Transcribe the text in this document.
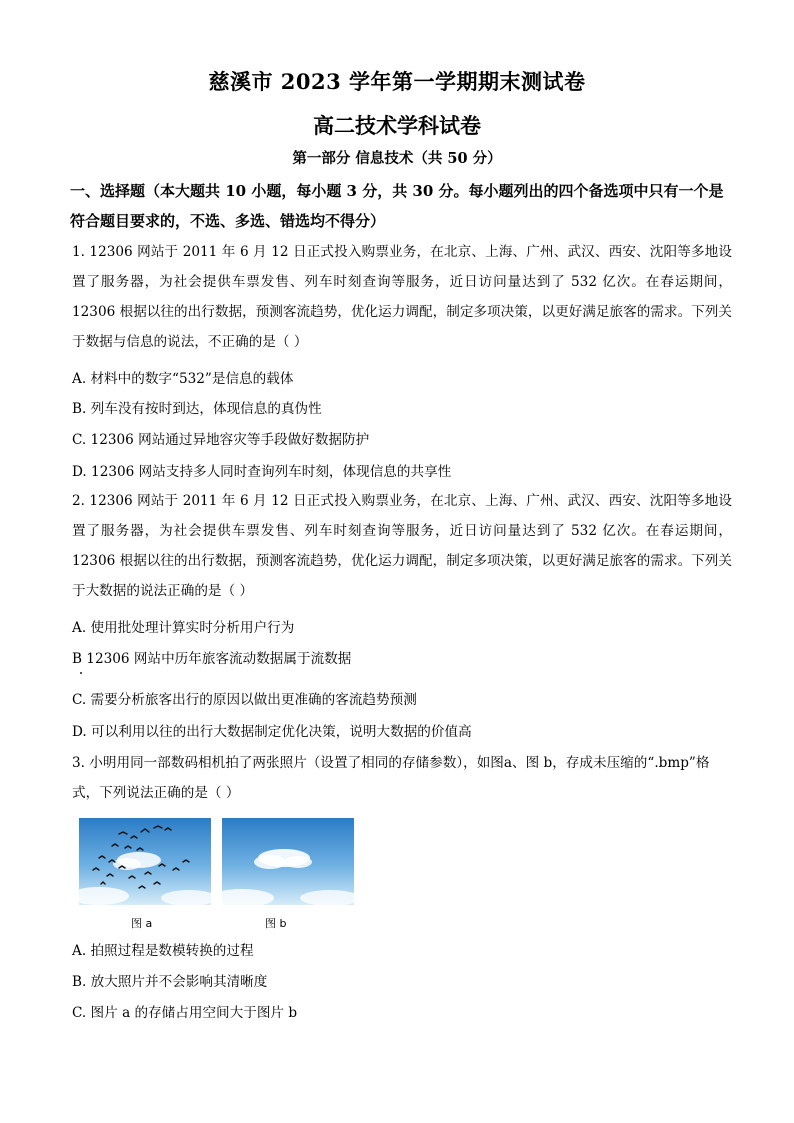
慈溪市 2023 学年第一学期期末测试卷
高二技术学科试卷
第一部分 信息技术（共 50 分）
一、选择题（本大题共 10 小题，每小题 3 分，共 30 分。每小题列出的四个备选项中只有一个是符合题目要求的，不选、多选、错选均不得分）
1. 12306 网站于 2011 年 6 月 12 日正式投入购票业务，在北京、上海、广州、武汉、西安、沈阳等多地设置了服务器，为社会提供车票发售、列车时刻查询等服务，近日访问量达到了 532 亿次。在春运期间，12306 根据以往的出行数据，预测客流趋势，优化运力调配，制定多项决策，以更好满足旅客的需求。下列关于数据与信息的说法，不正确的是（ ）
A. 材料中的数字“532”是信息的载体
B. 列车没有按时到达，体现信息的真伪性
C. 12306 网站通过异地容灾等手段做好数据防护
D. 12306 网站支持多人同时查询列车时刻，体现信息的共享性
2. 12306 网站于 2011 年 6 月 12 日正式投入购票业务，在北京、上海、广州、武汉、西安、沈阳等多地设置了服务器，为社会提供车票发售、列车时刻查询等服务，近日访问量达到了 532 亿次。在春运期间，12306 根据以往的出行数据，预测客流趋势，优化运力调配，制定多项决策，以更好满足旅客的需求。下列关于大数据的说法正确的是（ ）
A. 使用批处理计算实时分析用户行为
B 12306 网站中历年旅客流动数据属于流数据
C. 需要分析旅客出行的原因以做出更准确的客流趋势预测
D. 可以利用以往的出行大数据制定优化决策，说明大数据的价值高
3. 小明用同一部数码相机拍了两张照片（设置了相同的存储参数），如图a、图 b，存成未压缩的“.bmp”格式，下列说法正确的是（ ）
图 a	图 b
A. 拍照过程是数模转换的过程
B. 放大照片并不会影响其清晰度
C. 图片 a 的存储占用空间大于图片 b
